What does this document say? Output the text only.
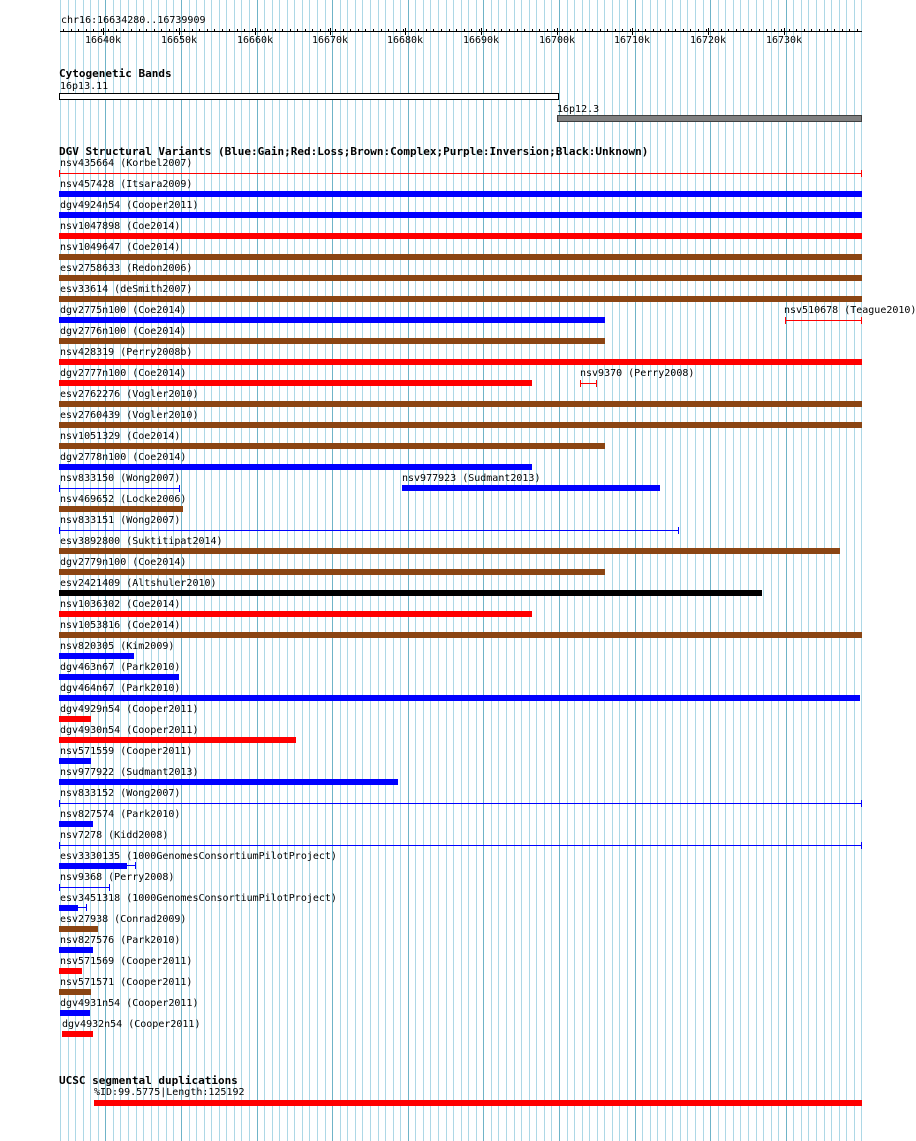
chr16:16634280..16739909
16640k	16650k	16660k	16670k	16680k	16690k	16700k	16710k	16720k	16730k
Cytogenetic Bands
16p13.11
16p12.3
DGV Structural Variants (Blue:Gain;Red:Loss;Brown:Complex;Purple:Inversion;Black:Unknown)
nsv435664 (Korbel2007)
nsv457428 (Itsara2009)
dgv4924n54 (Cooper2011)
nsv1047898 (Coe2014)
nsv1049647 (Coe2014)
esv2758633 (Redon2006)
esv33614 (deSmith2007)
dgv2775n100 (Coe2014)	nsv510678 (Teague2010)
dgv2776n100 (Coe2014)
nsv428319 (Perry2008b)
dgv2777n100 (Coe2014)	nsv9370 (Perry2008)
esv2762276 (Vogler2010)
esv2760439 (Vogler2010)
nsv1051329 (Coe2014)
dgv2778n100 (Coe2014)
nsv833150 (Wong2007)	nsv977923 (Sudmant2013)
nsv469652 (Locke2006)
nsv833151 (Wong2007)
esv3892800 (Suktitipat2014)
dgv2779n100 (Coe2014)
esv2421409 (Altshuler2010)
nsv1036302 (Coe2014)
nsv1053816 (Coe2014)
nsv820305 (Kim2009)
dgv463n67 (Park2010)
dgv464n67 (Park2010)
dgv4929n54 (Cooper2011)
dgv4930n54 (Cooper2011)
nsv571559 (Cooper2011)
nsv977922 (Sudmant2013)
nsv833152 (Wong2007)
nsv827574 (Park2010)
nsv7278 (Kidd2008)
esv3330135 (1000GenomesConsortiumPilotProject)
nsv9368 (Perry2008)
esv3451318 (1000GenomesConsortiumPilotProject)
esv27938 (Conrad2009)
nsv827576 (Park2010)
nsv571569 (Cooper2011)
nsv571571 (Cooper2011)
dgv4931n54 (Cooper2011)
dgv4932n54 (Cooper2011)
UCSC segmental duplications
%ID:99.5775|Length:125192
